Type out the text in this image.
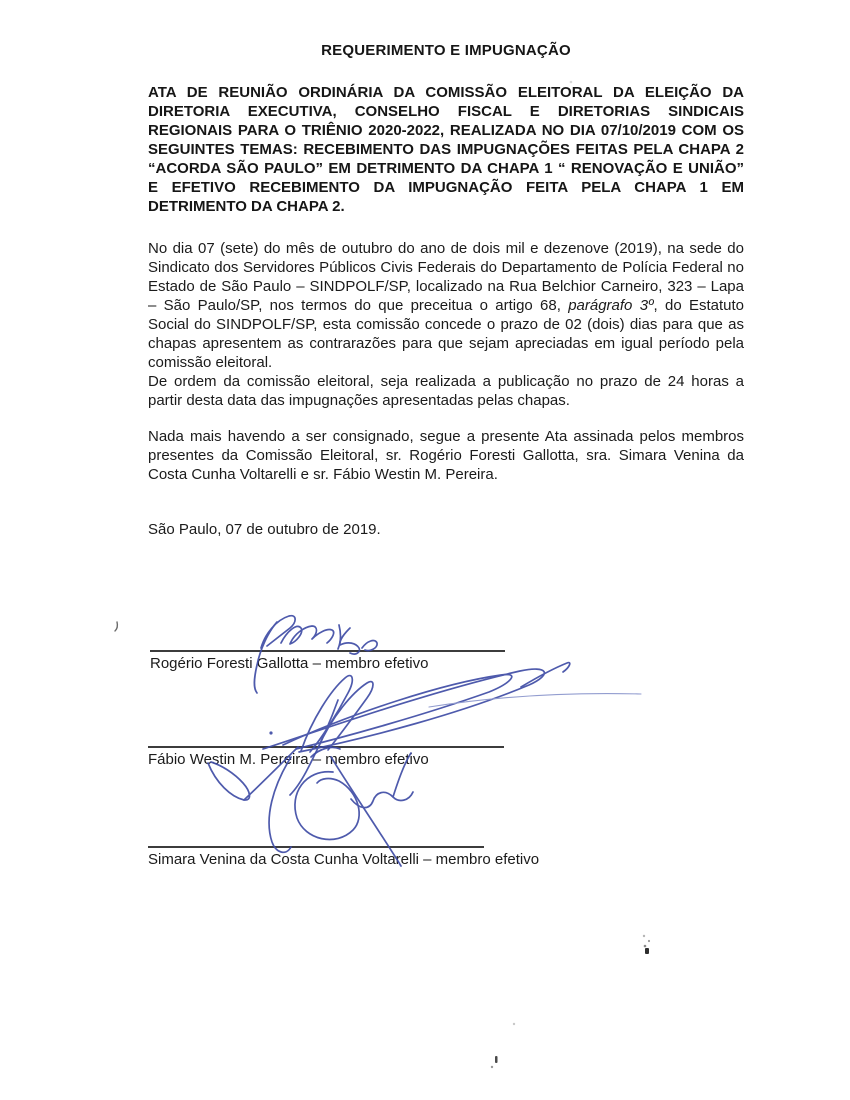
REQUERIMENTO E IMPUGNAÇÃO

ATA DE REUNIÃO ORDINÁRIA DA COMISSÃO ELEITORAL DA ELEIÇÃO DA DIRETORIA EXECUTIVA, CONSELHO FISCAL E DIRETORIAS SINDICAIS REGIONAIS PARA O TRIÊNIO 2020-2022, REALIZADA NO DIA 07/10/2019 COM OS SEGUINTES TEMAS: RECEBIMENTO DAS IMPUGNAÇÕES FEITAS PELA CHAPA 2 “ACORDA SÃO PAULO” EM DETRIMENTO DA CHAPA 1 “ RENOVAÇÃO E UNIÃO” E EFETIVO RECEBIMENTO DA IMPUGNAÇÃO FEITA PELA CHAPA 1 EM DETRIMENTO DA CHAPA 2.

No dia 07 (sete) do mês de outubro do ano de dois mil e dezenove (2019), na sede do Sindicato dos Servidores Públicos Civis Federais do Departamento de Polícia Federal no Estado de São Paulo – SINDPOLF/SP, localizado na Rua Belchior Carneiro, 323 – Lapa – São Paulo/SP, nos termos do que preceitua o artigo 68, parágrafo 3º, do Estatuto Social do SINDPOLF/SP, esta comissão concede o prazo de 02 (dois) dias para que as chapas apresentem as contrarazões para que sejam apreciadas em igual período pela comissão eleitoral.

De ordem da comissão eleitoral, seja realizada a publicação no prazo de 24 horas a partir desta data das impugnações apresentadas pelas chapas.

Nada mais havendo a ser consignado, segue a presente Ata assinada pelos membros presentes da Comissão Eleitoral, sr. Rogério Foresti Gallotta, sra. Simara Venina da Costa Cunha Voltarelli e sr. Fábio Westin M. Pereira.

São Paulo, 07 de outubro de 2019.

Rogério Foresti Gallotta – membro efetivo
Fábio Westin M. Pereira – membro efetivo
Simara Venina da Costa Cunha Voltarelli – membro efetivo
